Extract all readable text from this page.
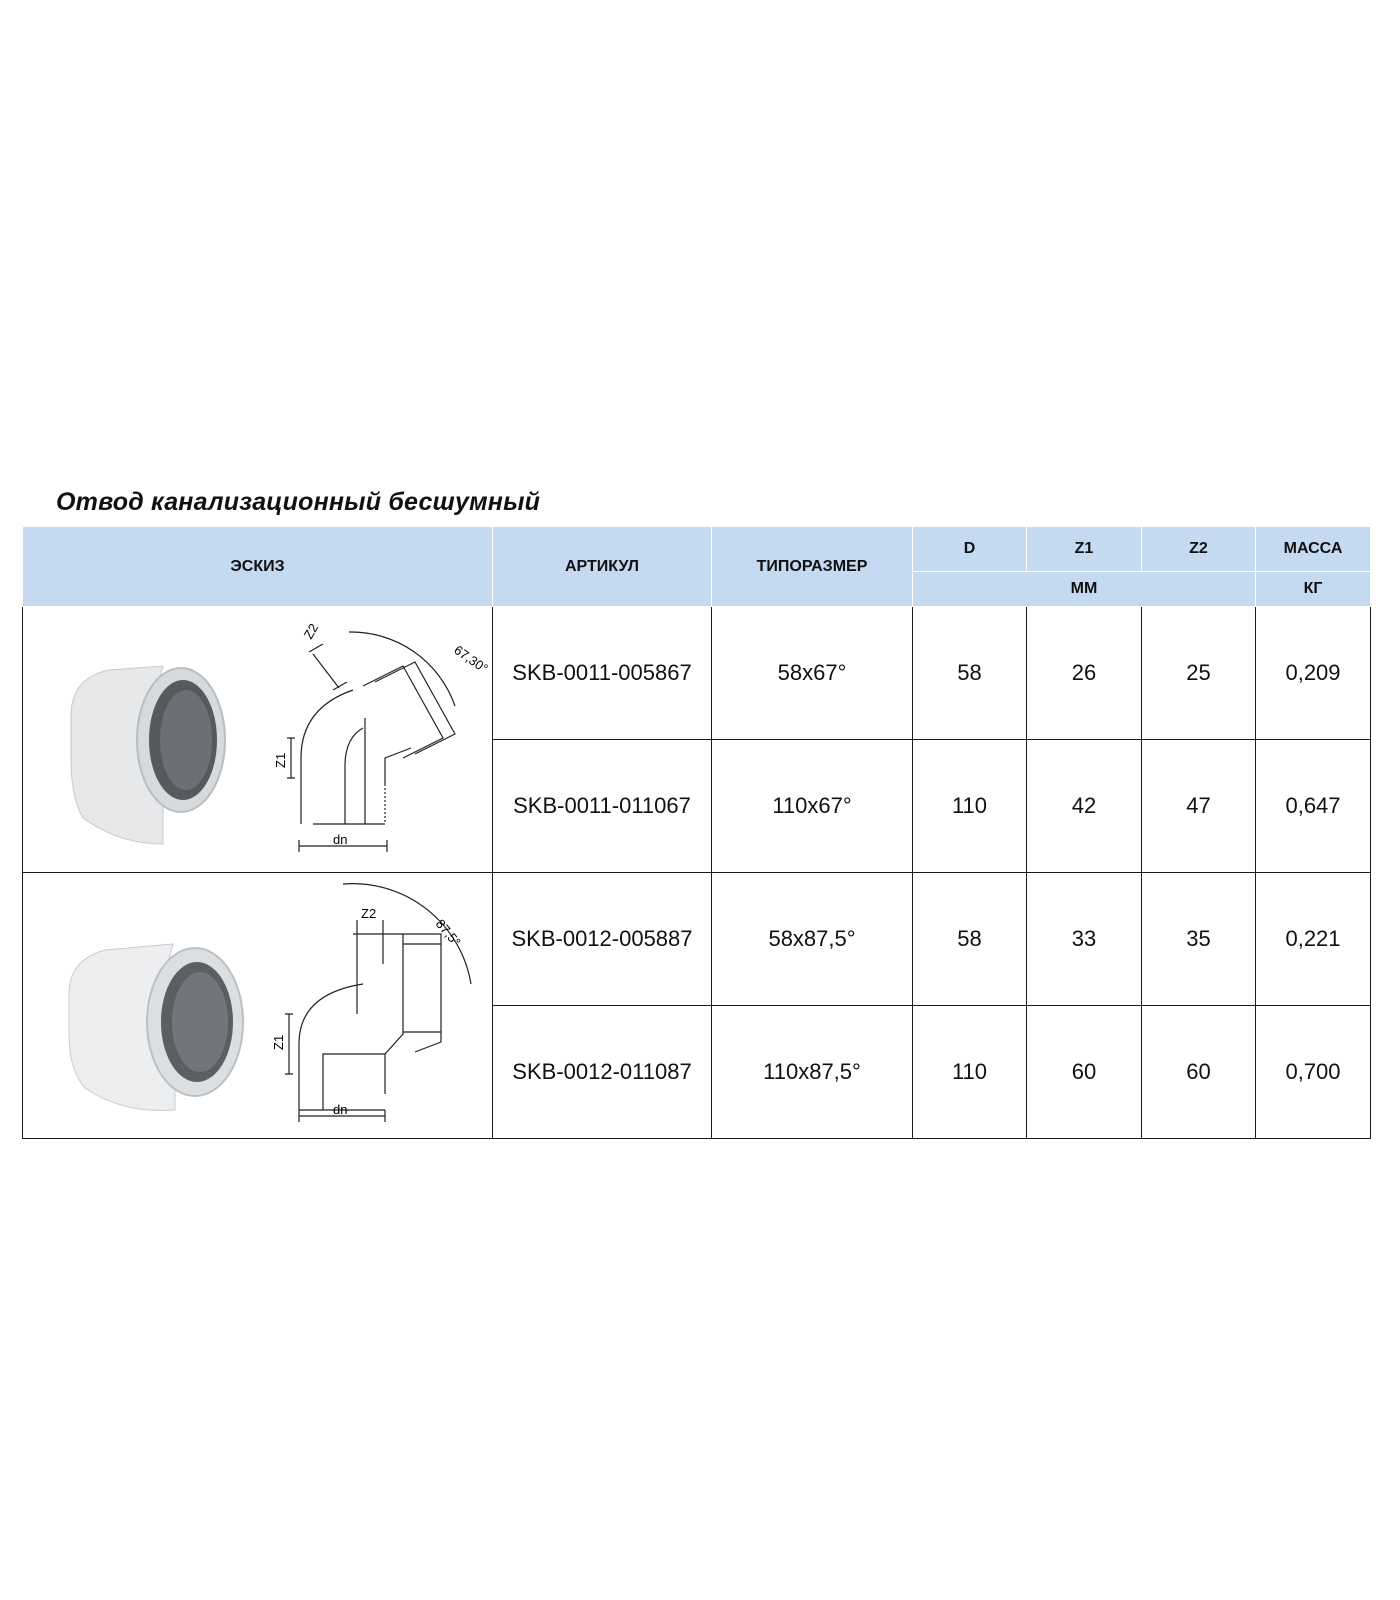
Отвод канализационный бесшумный
ЭСКИЗ	АРТИКУЛ	ТИПОРАЗМЕР	D	Z1	Z2	МАССА
			ММ			КГ

67,30°
Z2
Z1
dn	SKB-0011-005867	58x67°	58	26	25	0,209
	SKB-0011-011067	110x67°	110	42	47	0,647

87,5°
Z2
Z1
dn	SKB-0012-005887	58x87,5°	58	33	35	0,221
	SKB-0012-011087	110x87,5°	110	60	60	0,700
